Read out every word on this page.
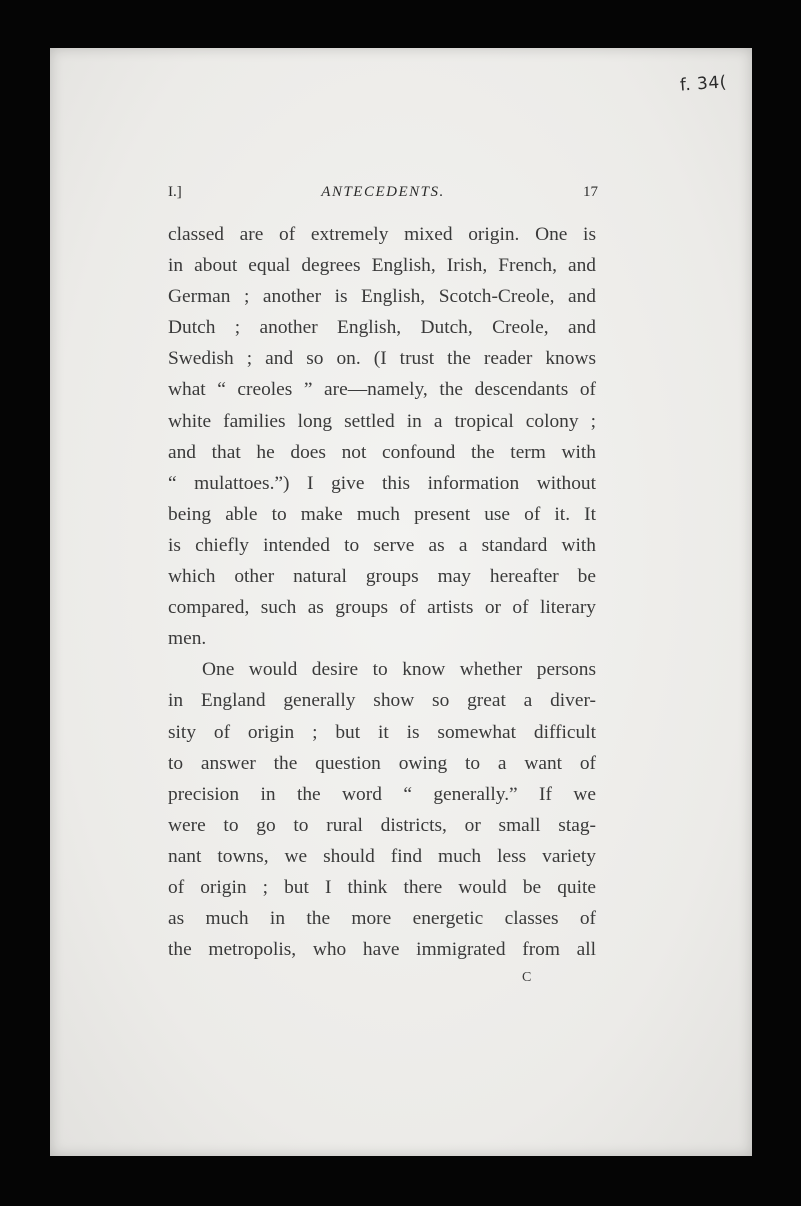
f. 34(
I.]	ANTECEDENTS.	17
classed are of extremely mixed origin. One is
in about equal degrees English, Irish, French, and
German ; another is English, Scotch-Creole, and
Dutch ; another English, Dutch, Creole, and
Swedish ; and so on. (I trust the reader knows
what “ creoles ” are—namely, the descendants of
white families long settled in a tropical colony ;
and that he does not confound the term with
“ mulattoes.”) I give this information without
being able to make much present use of it. It
is chiefly intended to serve as a standard with
which other natural groups may hereafter be
compared, such as groups of artists or of literary
men.
One would desire to know whether persons
in England generally show so great a diver-
sity of origin ; but it is somewhat difficult
to answer the question owing to a want of
precision in the word “ generally.” If we
were to go to rural districts, or small stag-
nant towns, we should find much less variety
of origin ; but I think there would be quite
as much in the more energetic classes of
the metropolis, who have immigrated from all
C
